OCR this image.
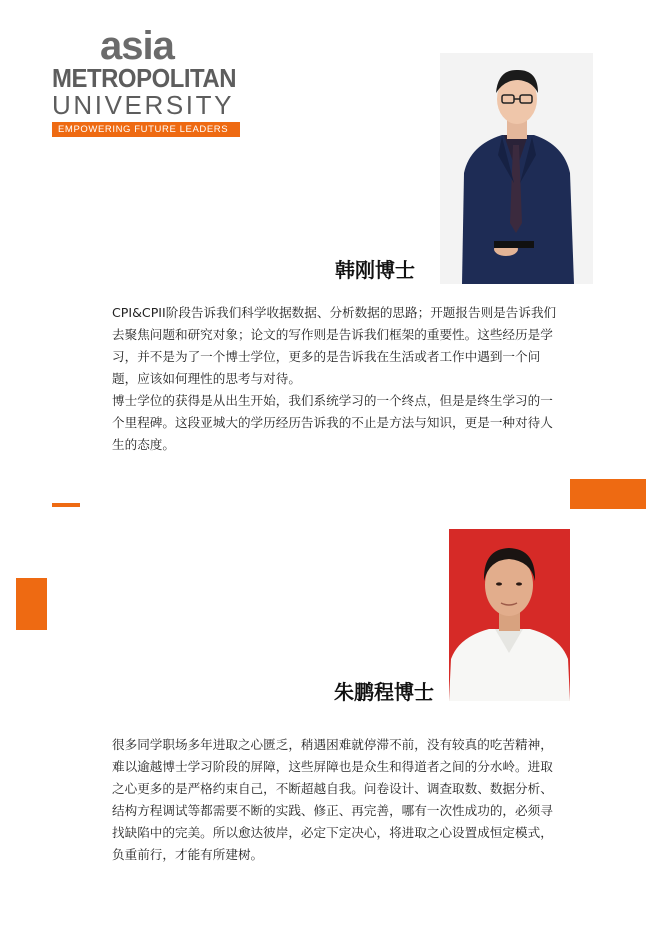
asia
METROPOLITAN
UNIVERSITY
EMPOWERING FUTURE LEADERS
韩刚博士

CPI&CPII阶段告诉我们科学收据数据、分析数据的思路；开题报告则是告诉我们去聚焦问题和研究对象；论文的写作则是告诉我们框架的重要性。这些经历是学习，并不是为了一个博士学位，更多的是告诉我在生活或者工作中遇到一个问题，应该如何理性的思考与对待。

博士学位的获得是从出生开始，我们系统学习的一个终点，但是是终生学习的一个里程碑。这段亚城大的学历经历告诉我的不止是方法与知识，更是一种对待人生的态度。

朱鹏程博士

很多同学职场多年进取之心匮乏，稍遇困难就停滞不前，没有较真的吃苦精神，难以逾越博士学习阶段的屏障，这些屏障也是众生和得道者之间的分水岭。进取之心更多的是严格约束自己，不断超越自我。问卷设计、调查取数、数据分析、结构方程调试等都需要不断的实践、修正、再完善，哪有一次性成功的，必须寻找缺陷中的完美。所以愈达彼岸，必定下定决心，将进取之心设置成恒定模式，负重前行，才能有所建树。
